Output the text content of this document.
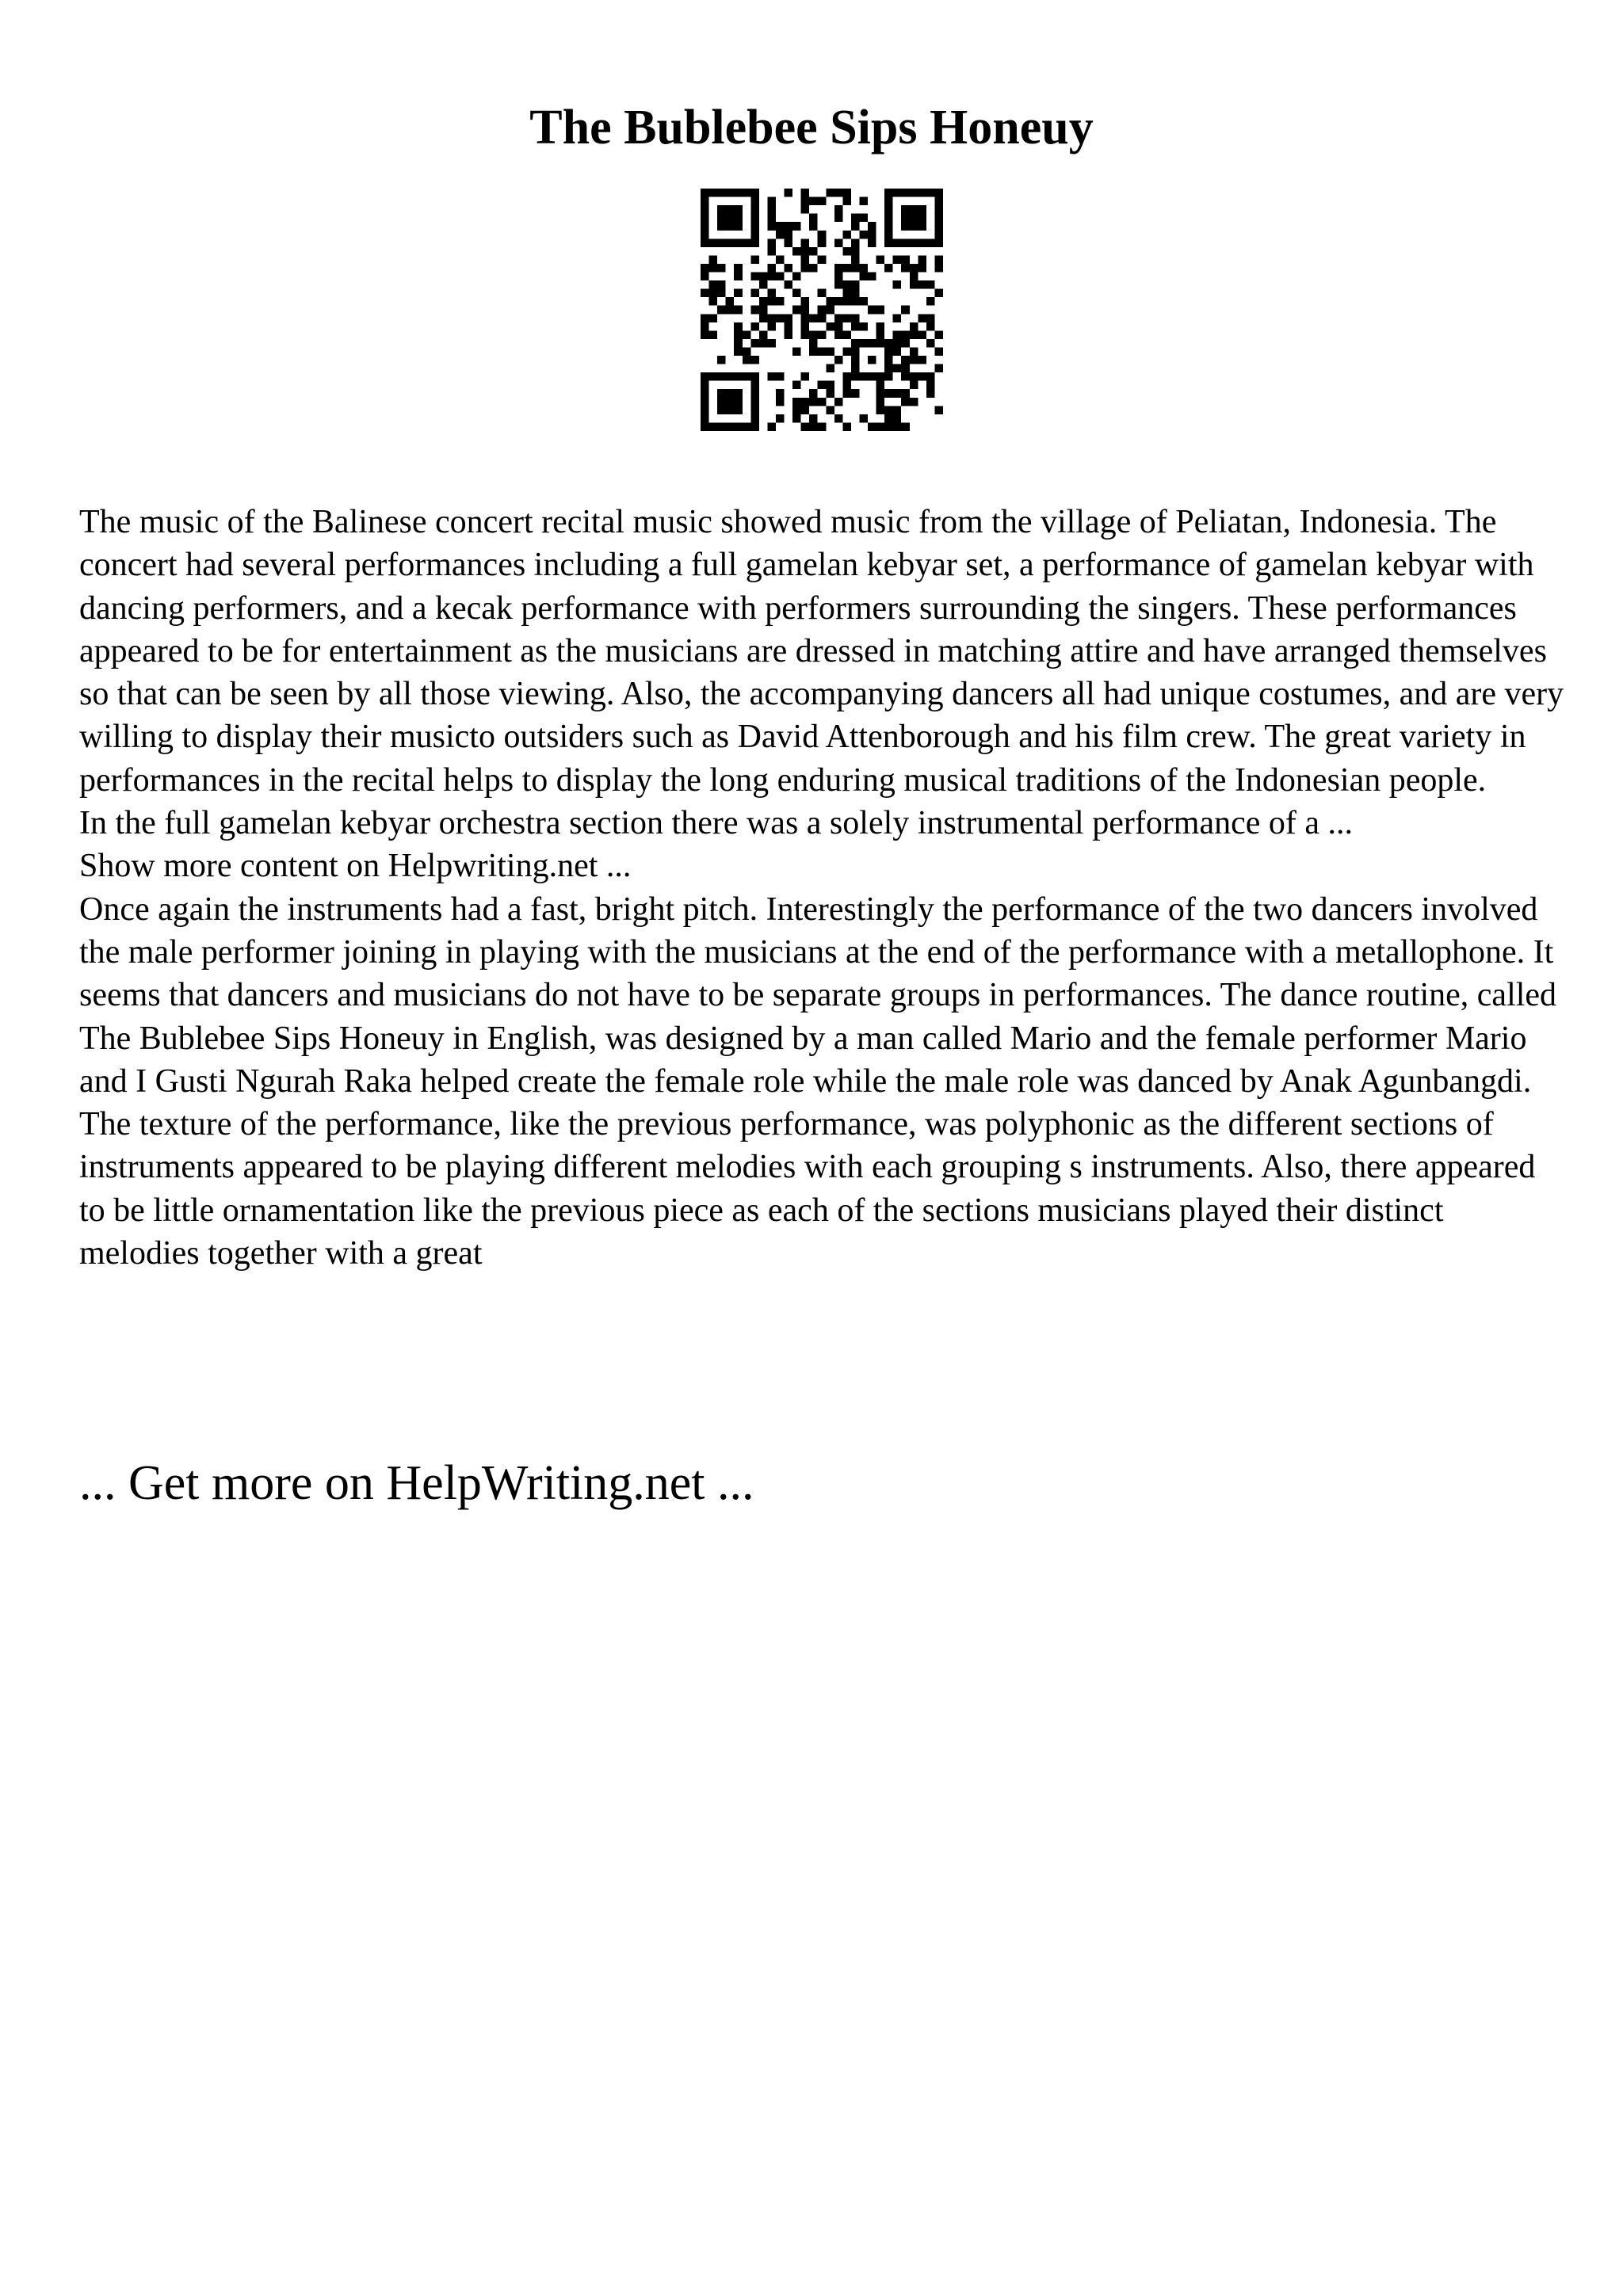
The Bublebee Sips Honeuy

The music of the Balinese concert recital music showed music from the village of Peliatan, Indonesia. The concert had several performances including a full gamelan kebyar set, a performance of gamelan kebyar with dancing performers, and a kecak performance with performers surrounding the singers. These performances appeared to be for entertainment as the musicians are dressed in matching attire and have arranged themselves so that can be seen by all those viewing. Also, the accompanying dancers all had unique costumes, and are very willing to display their musicto outsiders such as David Attenborough and his film crew. The great variety in performances in the recital helps to display the long enduring musical traditions of the Indonesian people.

In the full gamelan kebyar orchestra section there was a solely instrumental performance of a ...

Show more content on Helpwriting.net ...

Once again the instruments had a fast, bright pitch. Interestingly the performance of the two dancers involved the male performer joining in playing with the musicians at the end of the performance with a metallophone. It seems that dancers and musicians do not have to be separate groups in performances. The dance routine, called The Bublebee Sips Honeuy in English, was designed by a man called Mario and the female performer Mario and I Gusti Ngurah Raka helped create the female role while the male role was danced by Anak Agunbangdi. The texture of the performance, like the previous performance, was polyphonic as the different sections of instruments appeared to be playing different melodies with each grouping s instruments. Also, there appeared to be little ornamentation like the previous piece as each of the sections musicians played their distinct melodies together with a great

... Get more on HelpWriting.net ...
